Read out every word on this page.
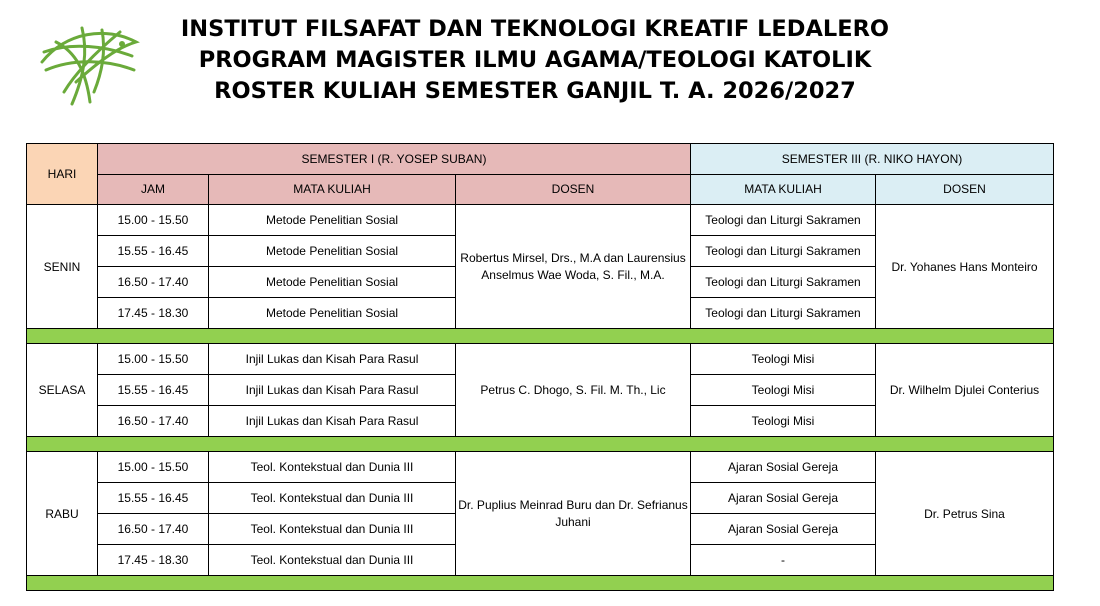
INSTITUT FILSAFAT DAN TEKNOLOGI KREATIF LEDALERO
PROGRAM MAGISTER ILMU AGAMA/TEOLOGI KATOLIK
ROSTER KULIAH SEMESTER GANJIL T. A. 2026/2027
HARI	SEMESTER I (R. YOSEP SUBAN)			SEMESTER III (R. NIKO HAYON)	
	JAM	MATA KULIAH	DOSEN	MATA KULIAH	DOSEN
SENIN	15.00 - 15.50	Metode Penelitian Sosial	Robertus Mirsel, Drs., M.A dan Laurensius Anselmus Wae Woda, S. Fil., M.A.	Teologi dan Liturgi Sakramen	Dr. Yohanes Hans Monteiro
	15.55 - 16.45	Metode Penelitian Sosial		Teologi dan Liturgi Sakramen	
	16.50 - 17.40	Metode Penelitian Sosial		Teologi dan Liturgi Sakramen	
	17.45 - 18.30	Metode Penelitian Sosial		Teologi dan Liturgi Sakramen	

SELASA	15.00 - 15.50	Injil Lukas dan Kisah Para Rasul	Petrus C. Dhogo, S. Fil. M. Th., Lic	Teologi Misi	Dr. Wilhelm Djulei Conterius
	15.55 - 16.45	Injil Lukas dan Kisah Para Rasul		Teologi Misi	
	16.50 - 17.40	Injil Lukas dan Kisah Para Rasul		Teologi Misi	

RABU	15.00 - 15.50	Teol. Kontekstual dan Dunia III	Dr. Puplius Meinrad Buru dan Dr. Sefrianus Juhani	Ajaran Sosial Gereja	Dr. Petrus Sina
	15.55 - 16.45	Teol. Kontekstual dan Dunia III		Ajaran Sosial Gereja	
	16.50 - 17.40	Teol. Kontekstual dan Dunia III		Ajaran Sosial Gereja	
	17.45 - 18.30	Teol. Kontekstual dan Dunia III		-	
